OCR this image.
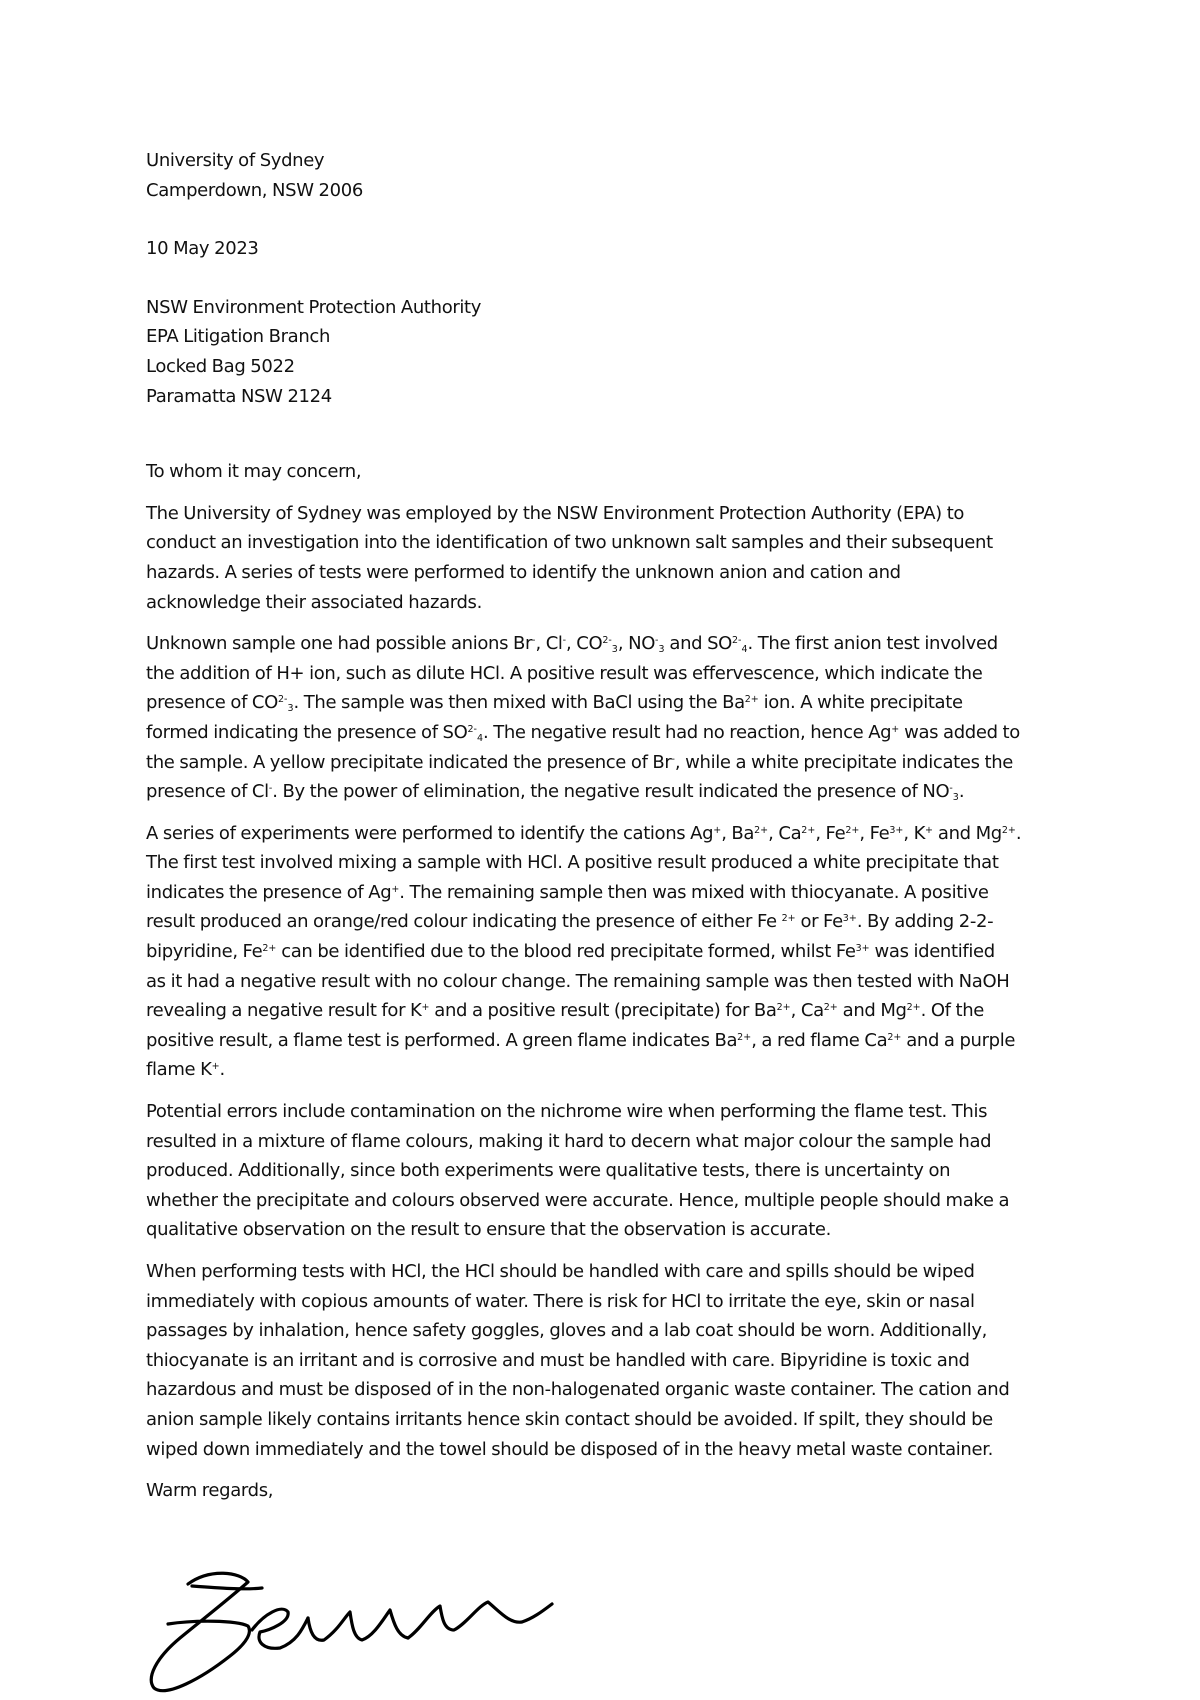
University of Sydney
Camperdown, NSW 2006
10 May 2023
NSW Environment Protection Authority
EPA Litigation Branch
Locked Bag 5022
Paramatta NSW 2124
To whom it may concern,
The University of Sydney was employed by the NSW Environment Protection Authority (EPA) to
conduct an investigation into the identification of two unknown salt samples and their subsequent
hazards. A series of tests were performed to identify the unknown anion and cation and
acknowledge their associated hazards.
Unknown sample one had possible anions Br-, Cl-, $CO^{2-}_3$, $NO^-_3$ and $SO^{2-}_4$. The first anion test involved
the addition of H+ ion, such as dilute HCl. A positive result was effervescence, which indicate the
presence of $CO^{2-}_3$. The sample was then mixed with BaCl using the $Ba^{2+}$ ion. A white precipitate
formed indicating the presence of $SO^{2-}_4$. The negative result had no reaction, hence Ag+ was added to
the sample. A yellow precipitate indicated the presence of Br-, while a white precipitate indicates the
presence of Cl-. By the power of elimination, the negative result indicated the presence of $NO^-_3$.
A series of experiments were performed to identify the cations Ag+, $Ba^{2+}$, $Ca^{2+}$, $Fe^{2+}$, $Fe^{3+}$, K+ and $Mg^{2+}$.
The first test involved mixing a sample with HCl. A positive result produced a white precipitate that
indicates the presence of Ag+. The remaining sample then was mixed with thiocyanate. A positive
result produced an orange/red colour indicating the presence of either Fe $^{2+}$ or $Fe^{3+}$. By adding 2-2-
bipyridine, $Fe^{2+}$ can be identified due to the blood red precipitate formed, whilst $Fe^{3+}$ was identified
as it had a negative result with no colour change. The remaining sample was then tested with NaOH
revealing a negative result for K+ and a positive result (precipitate) for $Ba^{2+}$, $Ca^{2+}$ and $Mg^{2+}$. Of the
positive result, a flame test is performed. A green flame indicates $Ba^{2+}$, a red flame $Ca^{2+}$ and a purple
flame K+.
Potential errors include contamination on the nichrome wire when performing the flame test. This
resulted in a mixture of flame colours, making it hard to decern what major colour the sample had
produced. Additionally, since both experiments were qualitative tests, there is uncertainty on
whether the precipitate and colours observed were accurate. Hence, multiple people should make a
qualitative observation on the result to ensure that the observation is accurate.
When performing tests with HCl, the HCl should be handled with care and spills should be wiped
immediately with copious amounts of water. There is risk for HCl to irritate the eye, skin or nasal
passages by inhalation, hence safety goggles, gloves and a lab coat should be worn. Additionally,
thiocyanate is an irritant and is corrosive and must be handled with care. Bipyridine is toxic and
hazardous and must be disposed of in the non-halogenated organic waste container. The cation and
anion sample likely contains irritants hence skin contact should be avoided. If spilt, they should be
wiped down immediately and the towel should be disposed of in the heavy metal waste container.
Warm regards,
